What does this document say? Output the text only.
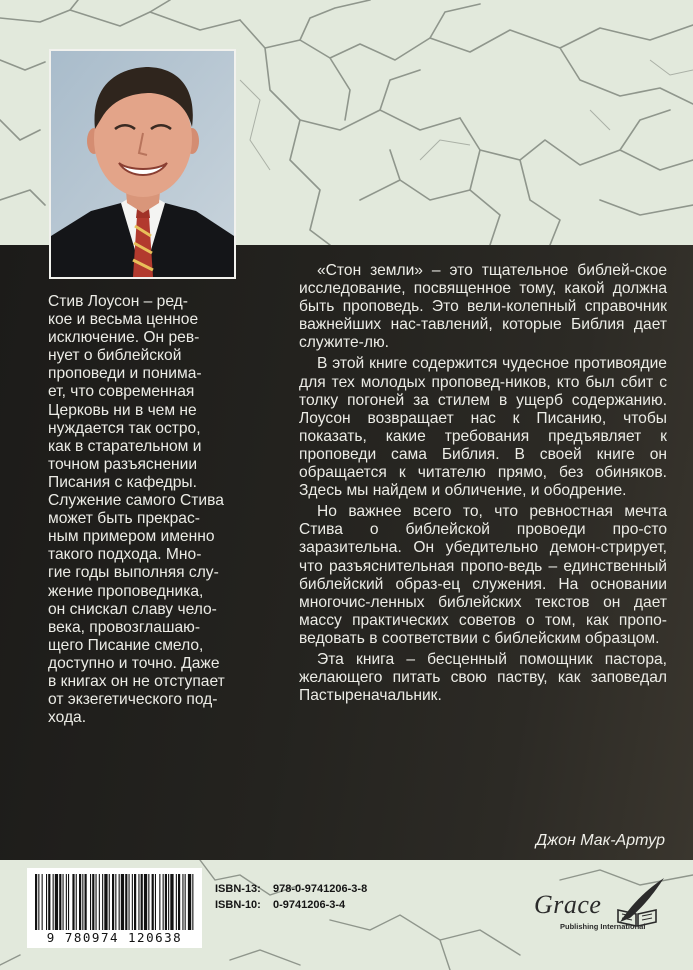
Стив Лоусон – ред-
кое и весьма ценное
исключение. Он рев-
нует о библейской
проповеди и понима-
ет, что современная
Церковь ни в чем не
нуждается так остро,
как в старательном и
точном разъяснении
Писания с кафедры.
Служение самого Стива
может быть прекрас-
ным примером именно
такого подхода. Мно-
гие годы выполняя слу-
жение проповедника,
он снискал славу чело-
века, провозглашаю-
щего Писание смело,
доступно и точно. Даже
в книгах он не отступает
от экзегетического под-
хода.

«Стон земли» – это тщательное библей-ское исследование, посвященное тому, какой должна быть проповедь. Это вели-колепный справочник важнейших нас-тавлений, которые Библия дает служите-лю.

В этой книге содержится чудесное противоядие для тех молодых проповед-ников, кто был сбит с толку погоней за стилем в ущерб содержанию. Лоусон возвращает нас к Писанию, чтобы показать, какие требования предъявляет к проповеди сама Библия. В своей книге он обращается к читателю прямо, без обиняков. Здесь мы найдем и обличение, и ободрение.

Но важнее всего то, что ревностная мечта Стива о библейской провоеди про-сто заразительна. Он убедительно демон-стрирует, что разъяснительная пропо-ведь – единственный библейский образ-ец служения. На основании многочис-ленных библейских текстов он дает массу практических советов о том, как пропо-ведовать в соответствии с библейским образцом.

Эта книга – бесценный помощник пастора, желающего питать свою паству, как заповедал Пастыреначальник.

Джон Мак-Артур
9 780974 120638
ISBN-13: 978-0-9741206-3-8
ISBN-10: 0-9741206-3-4	Grace
Publishing International
